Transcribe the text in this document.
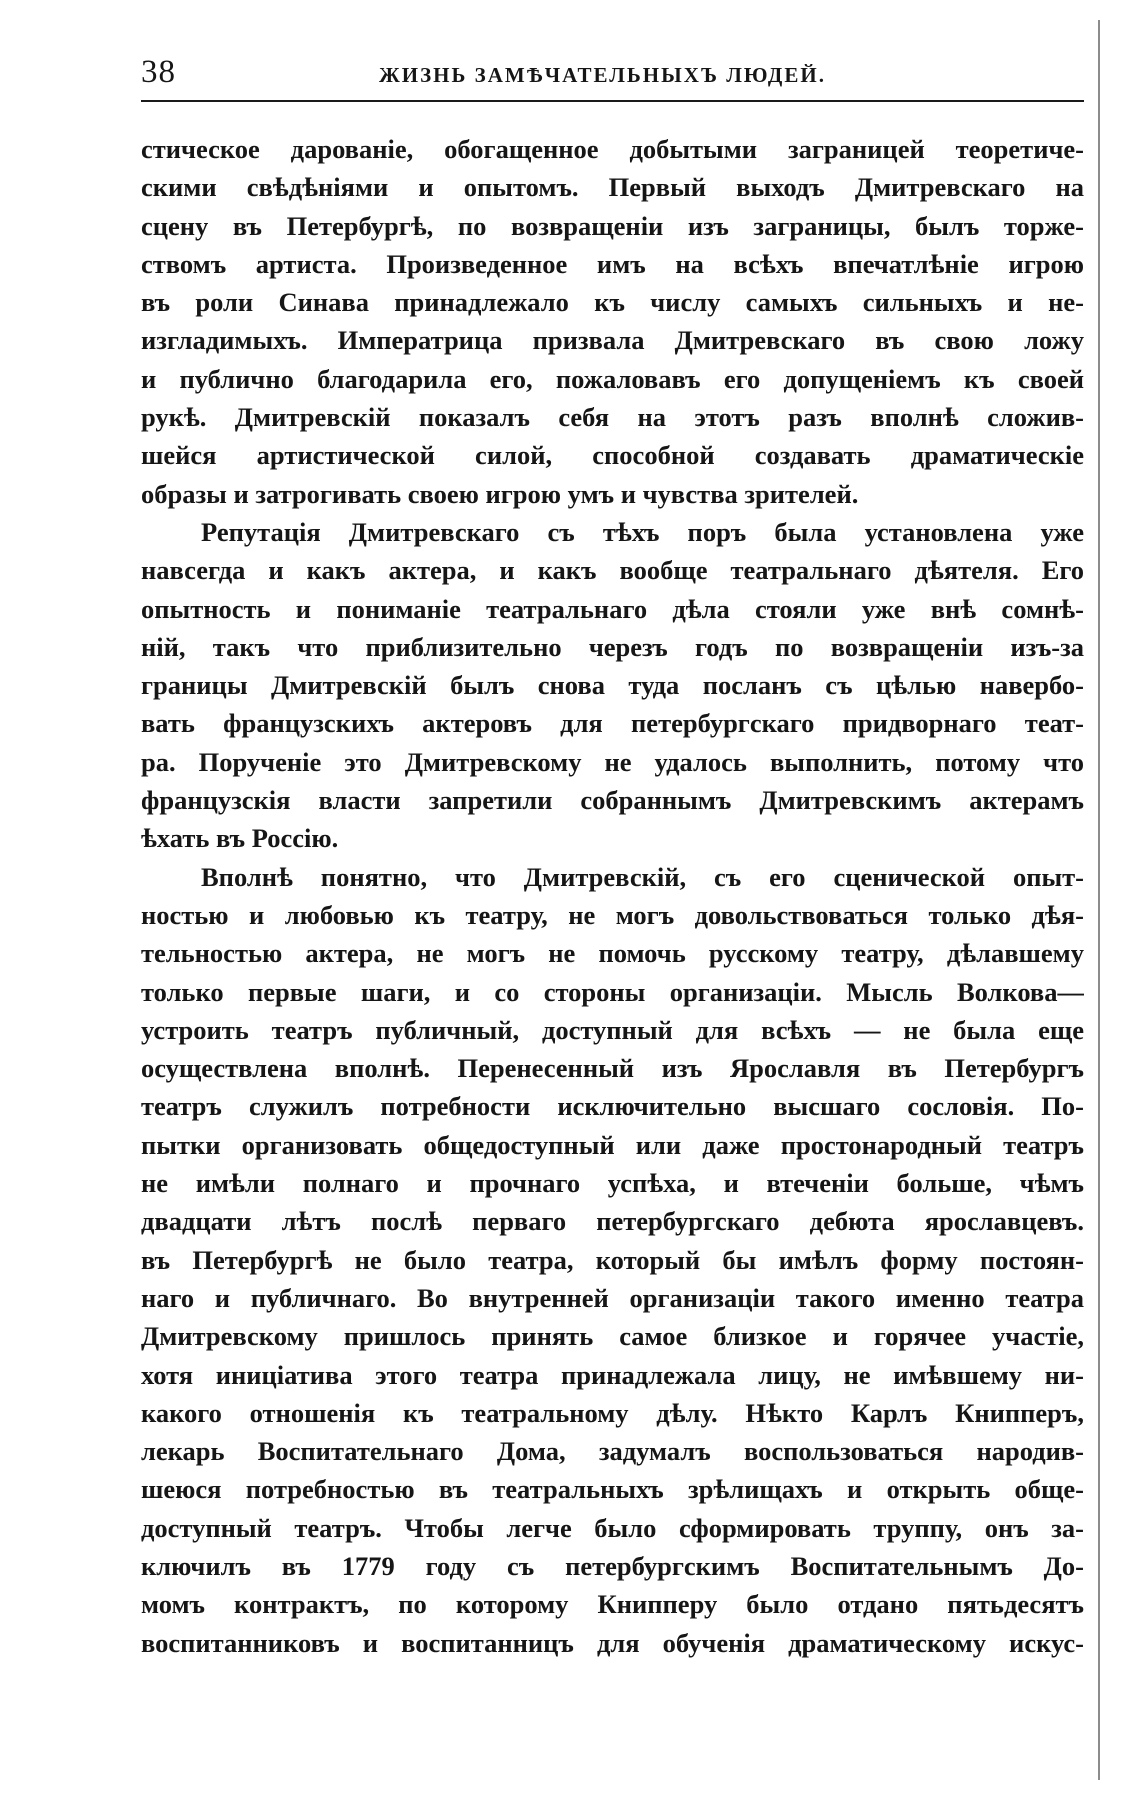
38	ЖИЗНЬ ЗАМѢЧАТЕЛЬНЫХЪ ЛЮДЕЙ.
стическое дарованіе, обогащенное добытыми заграницей теоретиче-
скими свѣдѣніями и опытомъ. Первый выходъ Дмитревскаго на
сцену въ Петербургѣ, по возвращеніи изъ заграницы, былъ торже-
ствомъ артиста. Произведенное имъ на всѣхъ впечатлѣніе игрою
въ роли Синава принадлежало къ числу самыхъ сильныхъ и не-
изгладимыхъ. Императрица призвала Дмитревскаго въ свою ложу
и публично благодарила его, пожаловавъ его допущеніемъ къ своей
рукѣ. Дмитревскій показалъ себя на этотъ разъ вполнѣ сложив-
шейся артистической силой, способной создавать драматическіе
образы и затрогивать своею игрою умъ и чувства зрителей.
Репутація Дмитревскаго съ тѣхъ поръ была установлена уже
навсегда и какъ актера, и какъ вообще театральнаго дѣятеля. Его
опытность и пониманіе театральнаго дѣла стояли уже внѣ сомнѣ-
ній, такъ что приблизительно черезъ годъ по возвращеніи изъ-за
границы Дмитревскій былъ снова туда посланъ съ цѣлью навербо-
вать французскихъ актеровъ для петербургскаго придворнаго теат-
ра. Порученіе это Дмитревскому не удалось выполнить, потому что
французскія власти запретили собраннымъ Дмитревскимъ актерамъ
ѣхать въ Россію.
Вполнѣ понятно, что Дмитревскій, съ его сценической опыт-
ностью и любовью къ театру, не могъ довольствоваться только дѣя-
тельностью актера, не могъ не помочь русскому театру, дѣлавшему
только первые шаги, и со стороны организаціи. Мысль Волкова—
устроить театръ публичный, доступный для всѣхъ — не была еще
осуществлена вполнѣ. Перенесенный изъ Ярославля въ Петербургъ
театръ служилъ потребности исключительно высшаго сословія. По-
пытки организовать общедоступный или даже простонародный театръ
не имѣли полнаго и прочнаго успѣха, и втеченіи больше, чѣмъ
двадцати лѣтъ послѣ перваго петербургскаго дебюта ярославцевъ.
въ Петербургѣ не было театра, который бы имѣлъ форму постоян-
наго и публичнаго. Во внутренней организаціи такого именно театра
Дмитревскому пришлось принять самое близкое и горячее участіе,
хотя иниціатива этого театра принадлежала лицу, не имѣвшему ни-
какого отношенія къ театральному дѣлу. Нѣкто Карлъ Книпперъ,
лекарь Воспитательнаго Дома, задумалъ воспользоваться народив-
шеюся потребностью въ театральныхъ зрѣлищахъ и открыть обще-
доступный театръ. Чтобы легче было сформировать труппу, онъ за-
ключилъ въ 1779 году съ петербургскимъ Воспитательнымъ До-
момъ контрактъ, по которому Книпперу было отдано пятьдесятъ
воспитанниковъ и воспитанницъ для обученія драматическому искус-
